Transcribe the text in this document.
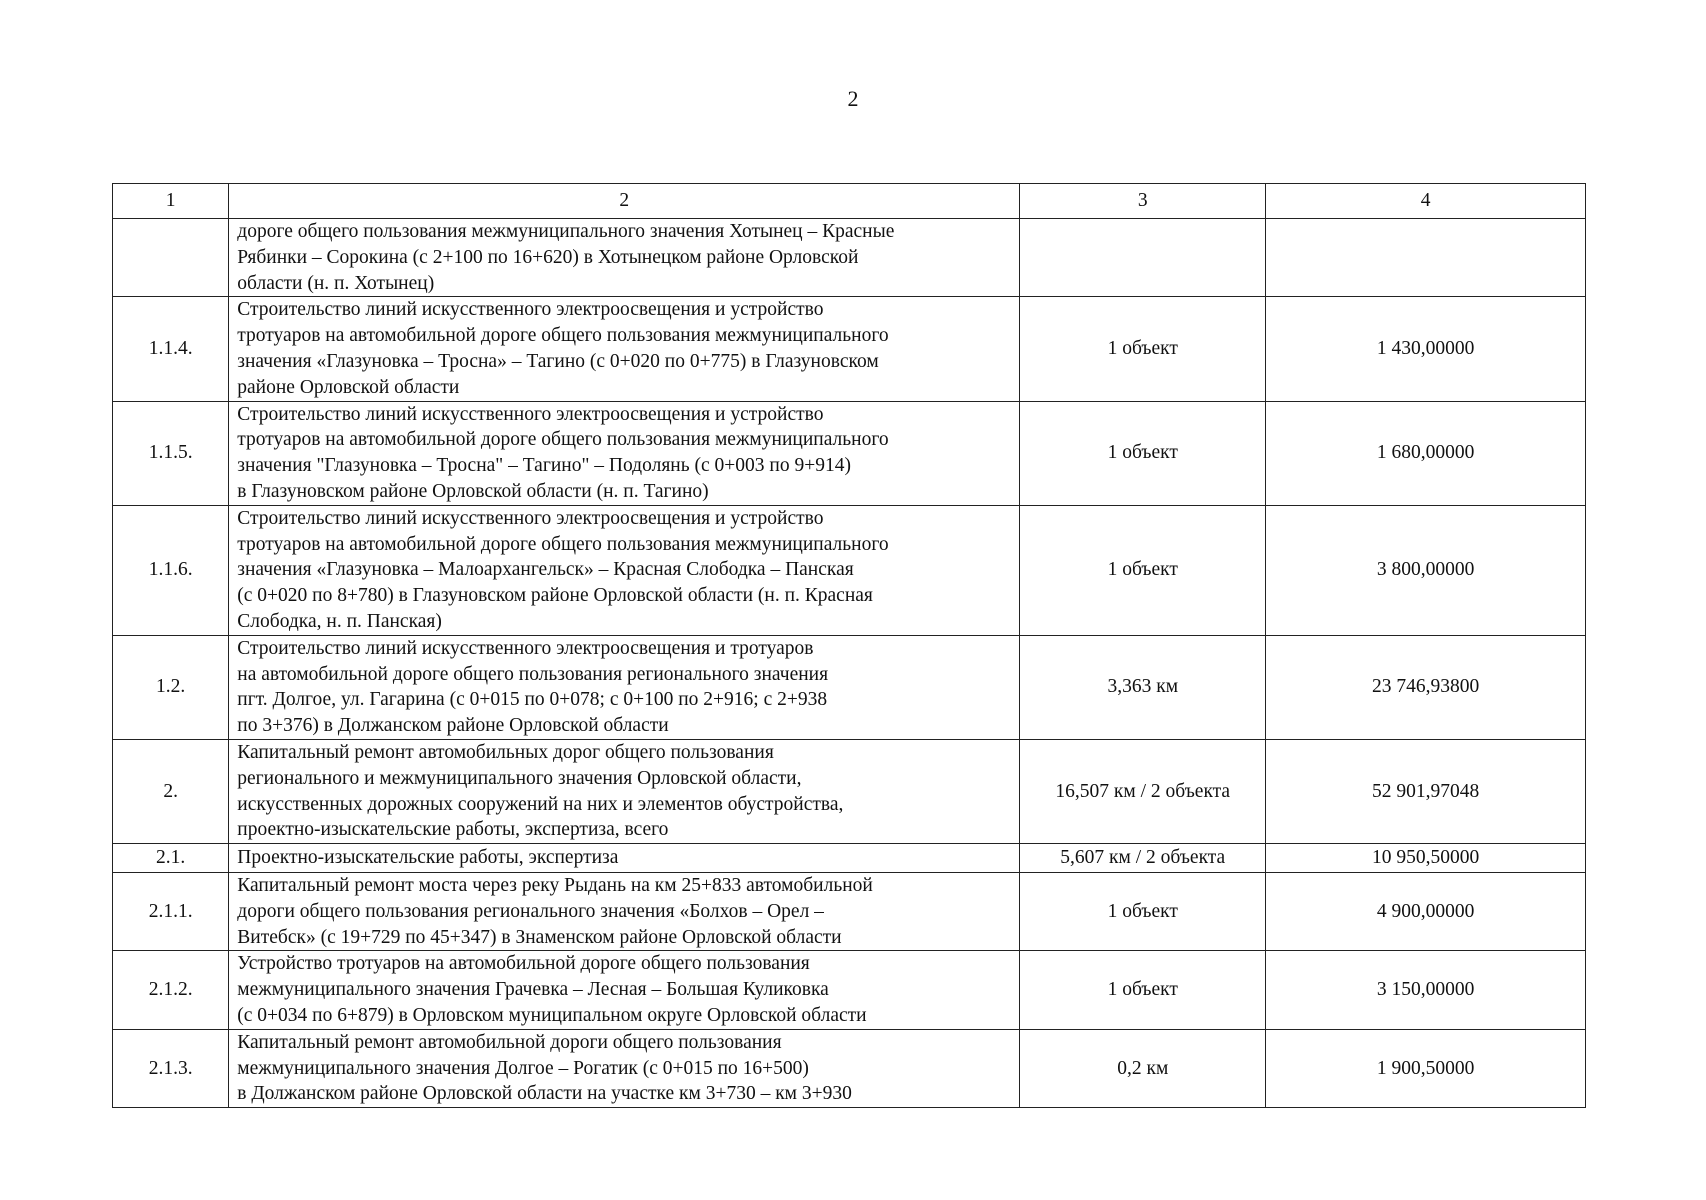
2
1	2	3	4
	дороге общего пользования межмуниципального значения Хотынец – Красные
Рябинки – Сорокина (с 2+100 по 16+620) в Хотынецком районе Орловской
области (н. п. Хотынец)		
1.1.4.	Строительство линий искусственного электроосвещения и устройство
тротуаров на автомобильной дороге общего пользования межмуниципального
значения «Глазуновка – Тросна» – Тагино (с 0+020 по 0+775) в Глазуновском
районе Орловской области	1 объект	1 430,00000
1.1.5.	Строительство линий искусственного электроосвещения и устройство
тротуаров на автомобильной дороге общего пользования межмуниципального
значения "Глазуновка – Тросна" – Тагино" – Подолянь (с 0+003 по 9+914)
в Глазуновском районе Орловской области (н. п. Тагино)	1 объект	1 680,00000
1.1.6.	Строительство линий искусственного электроосвещения и устройство
тротуаров на автомобильной дороге общего пользования межмуниципального
значения «Глазуновка – Малоархангельск» – Красная Слободка – Панская
(с 0+020 по 8+780) в Глазуновском районе Орловской области (н. п. Красная
Слободка, н. п. Панская)	1 объект	3 800,00000
1.2.	Строительство линий искусственного электроосвещения и тротуаров
на автомобильной дороге общего пользования регионального значения
пгт. Долгое, ул. Гагарина (с 0+015 по 0+078; с 0+100 по 2+916; с 2+938
по 3+376) в Должанском районе Орловской области	3,363 км	23 746,93800
2.	Капитальный ремонт автомобильных дорог общего пользования
регионального и межмуниципального значения Орловской области,
искусственных дорожных сооружений на них и элементов обустройства,
проектно-изыскательские работы, экспертиза, всего	16,507 км / 2 объекта	52 901,97048
2.1.	Проектно-изыскательские работы, экспертиза	5,607 км / 2 объекта	10 950,50000
2.1.1.	Капитальный ремонт моста через реку Рыдань на км 25+833 автомобильной
дороги общего пользования регионального значения «Болхов – Орел –
Витебск» (с 19+729 по 45+347) в Знаменском районе Орловской области	1 объект	4 900,00000
2.1.2.	Устройство тротуаров на автомобильной дороге общего пользования
межмуниципального значения Грачевка – Лесная – Большая Куликовка
(с 0+034 по 6+879) в Орловском муниципальном округе Орловской области	1 объект	3 150,00000
2.1.3.	Капитальный ремонт автомобильной дороги общего пользования
межмуниципального значения Долгое – Рогатик (с 0+015 по 16+500)
в Должанском районе Орловской области на участке км 3+730 – км 3+930	0,2 км	1 900,50000
